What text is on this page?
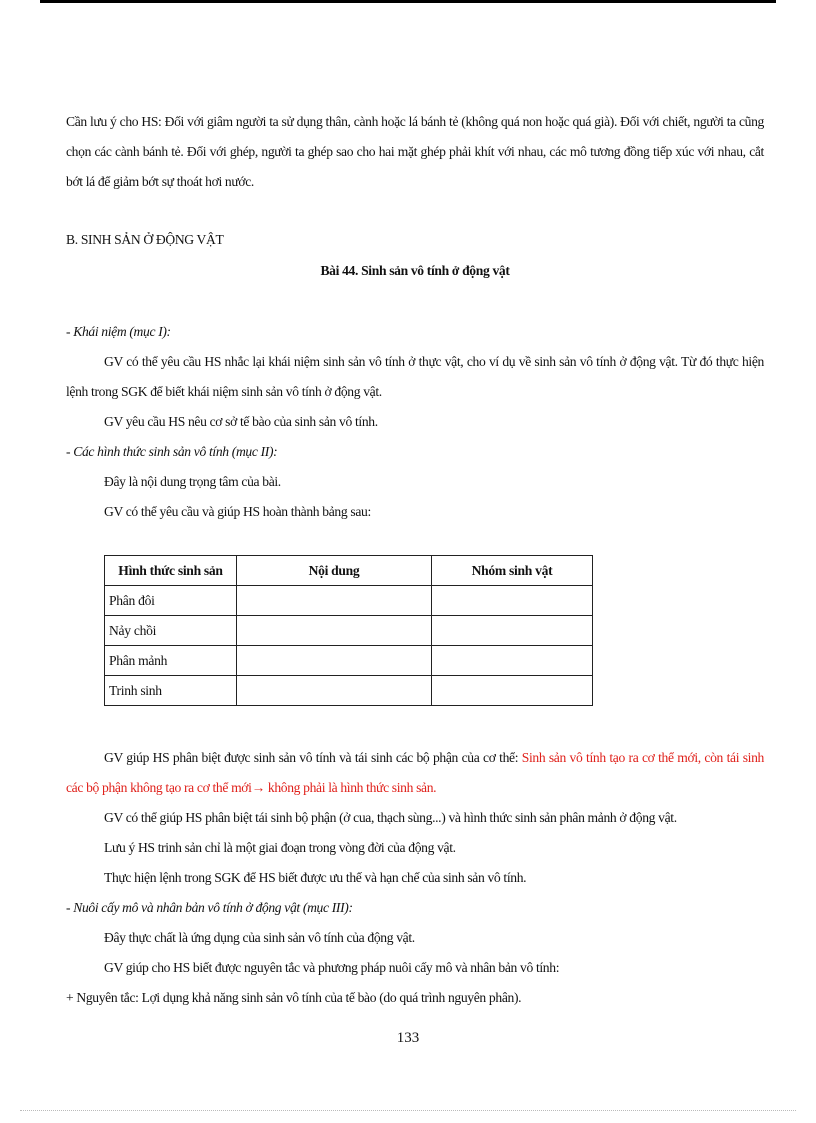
Cần lưu ý cho HS: Đối với giâm người ta sử dụng thân, cành hoặc lá bánh tẻ (không quá non hoặc quá già). Đối với chiết, người ta cũng chọn các cành bánh tẻ. Đối với ghép, người ta ghép sao cho hai mặt ghép phải khít với nhau, các mô tương đồng tiếp xúc với nhau, cắt bớt lá để giảm bớt sự thoát hơi nước.

B. SINH SẢN Ở ĐỘNG VẬT

Bài 44. Sinh sản vô tính ở động vật

- Khái niệm (mục I):

GV có thể yêu cầu HS nhắc lại khái niệm sinh sản vô tính ở thực vật, cho ví dụ về sinh sản vô tính ở động vật. Từ đó thực hiện lệnh trong SGK để biết khái niệm sinh sản vô tính ở động vật.

GV yêu cầu HS nêu cơ sở tế bào của sinh sản vô tính.

- Các hình thức sinh sản vô tính (mục II):

Đây là nội dung trọng tâm của bài.

GV có thể yêu cầu và giúp HS hoàn thành bảng sau:

Hình thức sinh sản	Nội dung	Nhóm sinh vật
Phân đôi		
Nảy chồi		
Phân mảnh		
Trinh sinh		

GV giúp HS phân biệt được sinh sản vô tính và tái sinh các bộ phận của cơ thể: Sinh sản vô tính tạo ra cơ thể mới, còn tái sinh các bộ phận không tạo ra cơ thể mới→ không phải là hình thức sinh sản.

GV có thể giúp HS phân biệt tái sinh bộ phận (ở cua, thạch sùng...) và hình thức sinh sản phân mảnh ở động vật.

Lưu ý HS trinh sản chỉ là một giai đoạn trong vòng đời của động vật.

Thực hiện lệnh trong SGK để HS biết được ưu thế và hạn chế của sinh sản vô tính.

- Nuôi cấy mô và nhân bản vô tính ở động vật (mục III):

Đây thực chất là ứng dụng của sinh sản vô tính của động vật.

GV giúp cho HS biết được nguyên tắc và phương pháp nuôi cấy mô và nhân bản vô tính:

+ Nguyên tắc: Lợi dụng khả năng sinh sản vô tính của tế bào (do quá trình nguyên phân).

133
